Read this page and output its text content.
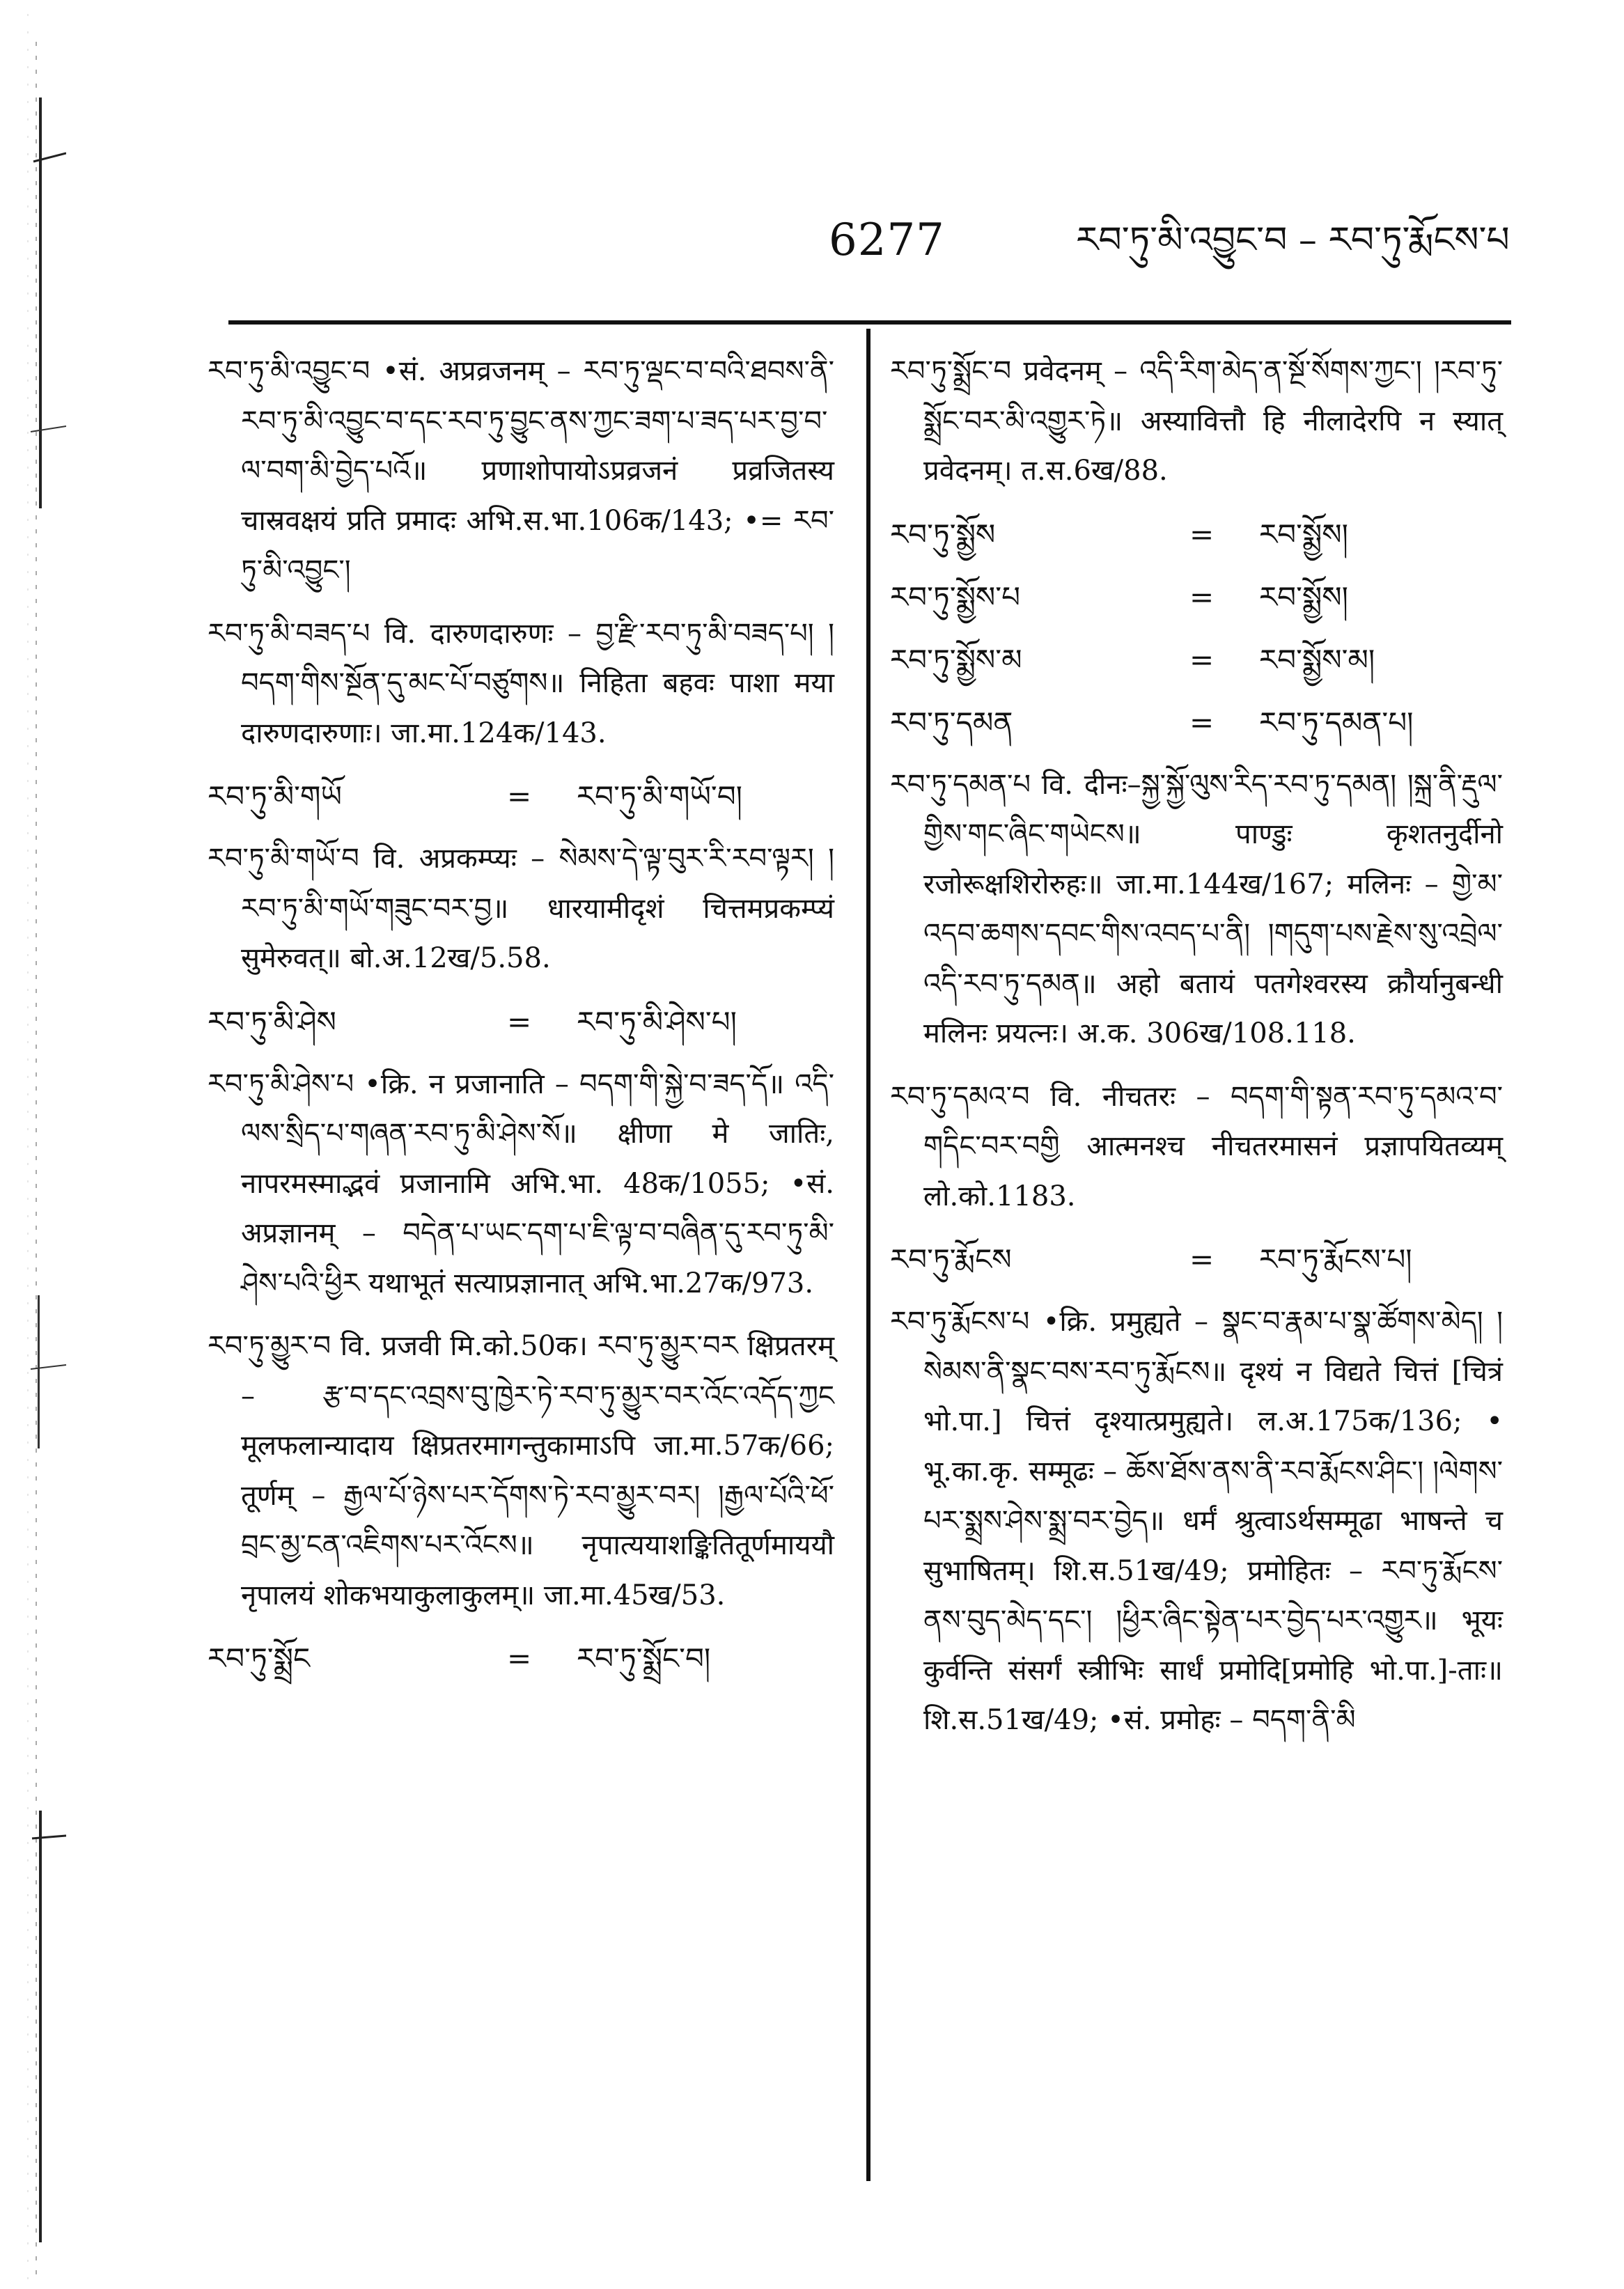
6277	རབ་ཏུ་མི་འབྱུང་བ – རབ་ཏུ་རྨོངས་པ
རབ་ཏུ་མི་འབྱུང་བ •सं. अप्रव्रजनम् – རབ་ཏུ་ལྡང་བ་བའི་ཐབས་ནི་རབ་ཏུ་མི་འབྱུང་བ་དང་རབ་ཏུ་བྱུང་ནས་ཀྱང་ཟག་པ་ཟད་པར་བྱ་བ་ལ་བག་མི་བྱེད་པའོ॥ प्रणाशोपायोऽप्रव्रजनं प्रव्रजितस्य चास्रवक्षयं प्रति प्रमादः अभि.स.भा.106क/143; •= རབ་ཏུ་མི་འབྱུང་།
རབ་ཏུ་མི་བཟད་པ वि. दारुणदारुणः – བྱ་རྫི་རབ་ཏུ་མི་བཟད་པ། །བདག་གིས་སྔོན་དུ་མང་པོ་བཙུགས॥ निहिता बहवः पाशा मया दारुणदारुणाः। जा.मा.124क/143.
རབ་ཏུ་མི་གཡོ	=	རབ་ཏུ་མི་གཡོ་བ།
རབ་ཏུ་མི་གཡོ་བ वि. अप्रकम्प्यः – སེམས་དེ་ལྟ་བུར་རི་རབ་ལྟར། །རབ་ཏུ་མི་གཡོ་གཟུང་བར་བྱ॥ धारयामीदृशं चित्तमप्रकम्प्यं सुमेरुवत्॥ बो.अ.12ख/5.58.
རབ་ཏུ་མི་ཤེས	=	རབ་ཏུ་མི་ཤེས་པ།
རབ་ཏུ་མི་ཤེས་པ •क्रि. न प्रजानाति – བདག་གི་སྐྱེ་བ་ཟད་དོ॥ འདི་ལས་སྲིད་པ་གཞན་རབ་ཏུ་མི་ཤེས་སོ॥ क्षीणा मे जातिः, नापरमस्माद्भवं प्रजानामि अभि.भा. 48क/1055; •सं. अप्रज्ञानम् – བདེན་པ་ཡང་དག་པ་ཇི་ལྟ་བ་བཞིན་དུ་རབ་ཏུ་མི་ཤེས་པའི་ཕྱིར यथाभूतं सत्याप्रज्ञानात् अभि.भा.27क/973.
རབ་ཏུ་མྱུར་བ वि. प्रजवी मि.को.50क। རབ་ཏུ་མྱུར་བར क्षिप्रतरम् – རྩ་བ་དང་འབྲས་བུ་ཁྱེར་ཏེ་རབ་ཏུ་མྱུར་བར་འོང་འདོད་ཀྱང मूलफलान्यादाय क्षिप्रतरमागन्तुकामाऽपि जा.मा.57क/66; तूर्णम् – རྒྱལ་པོ་ཉེས་པར་དོགས་ཏེ་རབ་མྱུར་བར། །རྒྱལ་པོའི་ཕོ་བྲང་མྱ་ངན་འཇིགས་པར་འོངས॥ नृपात्ययाशङ्कितितूर्णमाययौ नृपालयं शोकभयाकुलाकुलम्॥ जा.मा.45ख/53.
རབ་ཏུ་སྨྲོང	=	རབ་ཏུ་སྨྲོང་བ།
རབ་ཏུ་སྨྲོང་བ प्रवेदनम् – འདི་རིག་མེད་ན་སྔོ་སོགས་ཀྱང་། །རབ་ཏུ་སྨྲོང་བར་མི་འགྱུར་ཏེ॥ अस्यावित्तौ हि नीलादेरपि न स्यात् प्रवेदनम्। त.स.6ख/88.
རབ་ཏུ་སྨྱོས	=	རབ་སྨྱོས།
རབ་ཏུ་སྨྱོས་པ	=	རབ་སྨྱོས།
རབ་ཏུ་སྨྱོས་མ	=	རབ་སྨྱོས་མ།
རབ་ཏུ་དམན	=	རབ་ཏུ་དམན་པ།
རབ་ཏུ་དམན་པ वि. दीनः–སྐྱ་སྐྱོ་ལུས་རིད་རབ་ཏུ་དམན། །སྐྲ་ནི་རྡུལ་གྱིས་གང་ཞིང་གཡེངས॥ पाण्डुः कृशतनुर्दीनो रजोरूक्षशिरोरुहः॥ जा.मा.144ख/167; मलिनः – གྱེ་མ་འདབ་ཆགས་དབང་གིས་འབད་པ་ནི། །གདུག་པས་རྗེས་སུ་འབྲེལ་འདི་རབ་ཏུ་དམན॥ अहो बतायं पतगेश्वरस्य क्रौर्यानुबन्धी मलिनः प्रयत्नः। अ.क. 306ख/108.118.
རབ་ཏུ་དམའ་བ वि. नीचतरः – བདག་གི་སྟན་རབ་ཏུ་དམའ་བ་གདིང་བར་བགྱི आत्मनश्च नीचतरमासनं प्रज्ञापयितव्यम् लो.को.1183.
རབ་ཏུ་རྨོངས	=	རབ་ཏུ་རྨོངས་པ།
རབ་ཏུ་རྨོངས་པ •क्रि. प्रमुह्यते – སྣང་བ་རྣམ་པ་སྣ་ཚོགས་མེད། །སེམས་ནི་སྣང་བས་རབ་ཏུ་རྨོངས॥ दृश्यं न विद्यते चित्तं [चित्रं भो.पा.] चित्तं दृश्यात्प्रमुह्यते। ल.अ.175क/136; • भू.का.कृ. सम्मूढः – ཆོས་ཐོས་ནས་ནི་རབ་རྨོངས་ཤིང་། །ལེགས་པར་སྨྲས་ཤེས་སྨྲ་བར་བྱེད॥ धर्मं श्रुत्वाऽर्थसम्मूढा भाषन्ते च सुभाषितम्। शि.स.51ख/49; प्रमोहितः – རབ་ཏུ་རྨོངས་ནས་བུད་མེད་དང་། །ཕྱིར་ཞིང་སྟེན་པར་བྱེད་པར་འགྱུར॥ भूयः कुर्वन्ति संसर्गं स्त्रीभिः सार्धं प्रमोदि[प्रमोहि भो.पा.]-ताः॥ शि.स.51ख/49; •सं. प्रमोहः – བདག་ནི་མི
